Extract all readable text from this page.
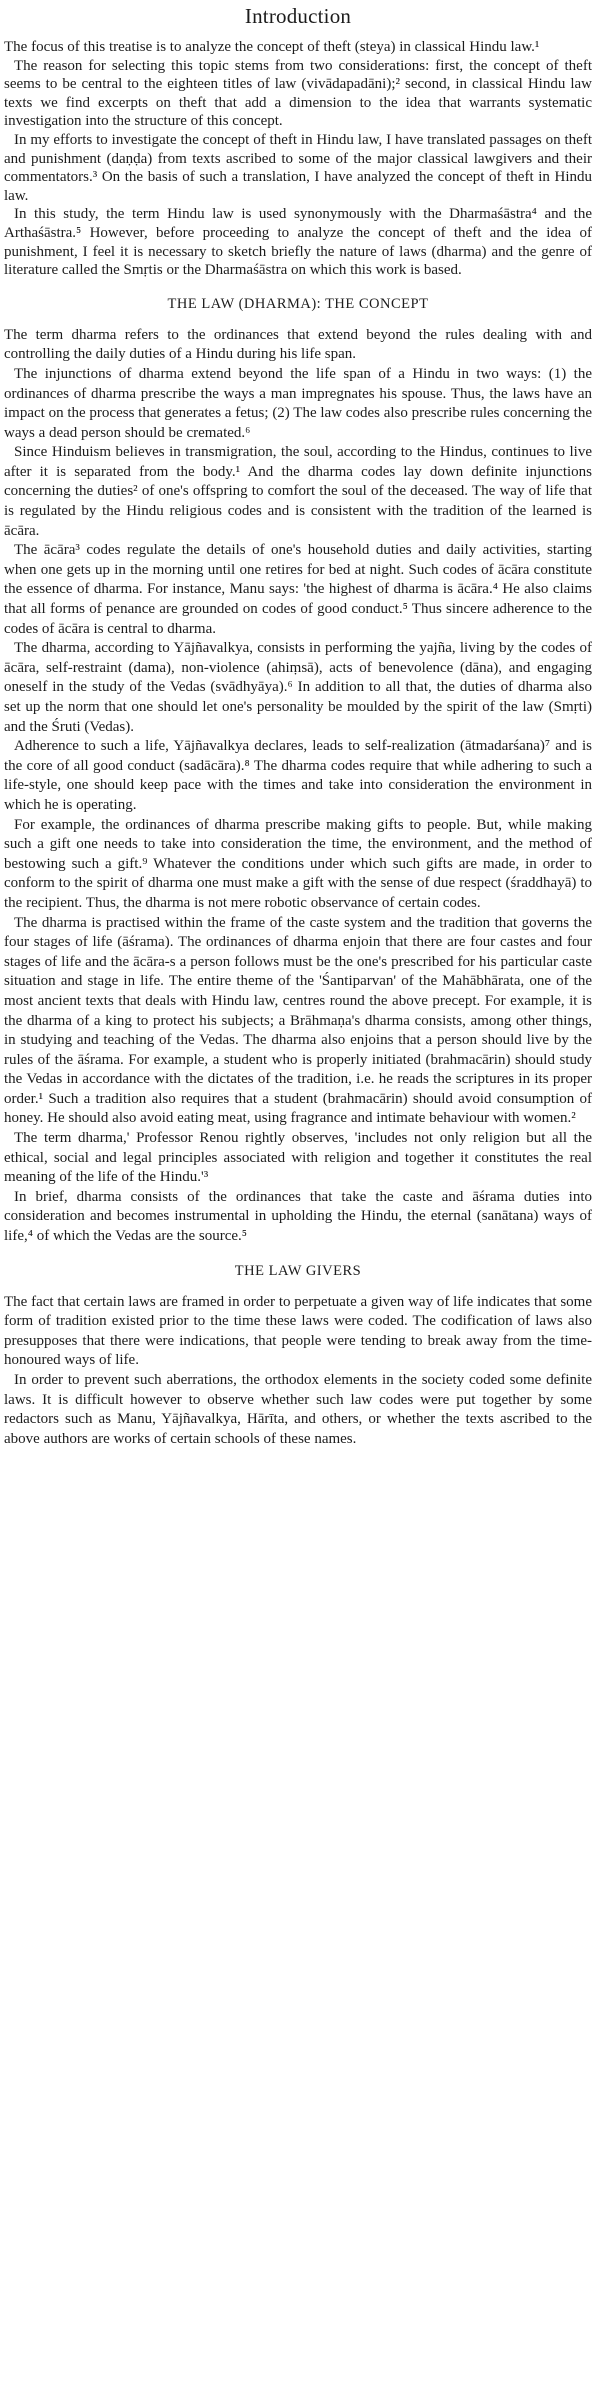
Introduction

The focus of this treatise is to analyze the concept of theft (steya) in classical Hindu law.¹

The reason for selecting this topic stems from two considerations: first, the concept of theft seems to be central to the eighteen titles of law (vivādapadāni);² second, in classical Hindu law texts we find excerpts on theft that add a dimension to the idea that warrants systematic investigation into the structure of this concept.

In my efforts to investigate the concept of theft in Hindu law, I have translated passages on theft and punishment (daṇḍa) from texts ascribed to some of the major classical lawgivers and their commentators.³ On the basis of such a translation, I have analyzed the concept of theft in Hindu law.

In this study, the term Hindu law is used synonymously with the Dharmaśāstra⁴ and the Arthaśāstra.⁵ However, before proceeding to analyze the concept of theft and the idea of punishment, I feel it is necessary to sketch briefly the nature of laws (dharma) and the genre of literature called the Smṛtis or the Dharmaśāstra on which this work is based.

THE LAW (DHARMA): THE CONCEPT

The term dharma refers to the ordinances that extend beyond the rules dealing with and controlling the daily duties of a Hindu during his life span.

The injunctions of dharma extend beyond the life span of a Hindu in two ways: (1) the ordinances of dharma prescribe the ways a man impregnates his spouse. Thus, the laws have an impact on the process that generates a fetus; (2) The law codes also prescribe rules concerning the ways a dead person should be cremated.⁶

Since Hinduism believes in transmigration, the soul, according to the Hindus, continues to live after it is separated from the body.¹ And the dharma codes lay down definite injunctions concerning the duties² of one's offspring to comfort the soul of the deceased. The way of life that is regulated by the Hindu religious codes and is consistent with the tradition of the learned is ācāra.

The ācāra³ codes regulate the details of one's household duties and daily activities, starting when one gets up in the morning until one retires for bed at night. Such codes of ācāra constitute the essence of dharma. For instance, Manu says: 'the highest of dharma is ācāra.⁴ He also claims that all forms of penance are grounded on codes of good conduct.⁵ Thus sincere adherence to the codes of ācāra is central to dharma.

The dharma, according to Yājñavalkya, consists in performing the yajña, living by the codes of ācāra, self-restraint (dama), non-violence (ahiṃsā), acts of benevolence (dāna), and engaging oneself in the study of the Vedas (svādhyāya).⁶ In addition to all that, the duties of dharma also set up the norm that one should let one's personality be moulded by the spirit of the law (Smṛti) and the Śruti (Vedas).

Adherence to such a life, Yājñavalkya declares, leads to self-realization (ātmadarśana)⁷ and is the core of all good conduct (sadācāra).⁸ The dharma codes require that while adhering to such a life-style, one should keep pace with the times and take into consideration the environment in which he is operating.

For example, the ordinances of dharma prescribe making gifts to people. But, while making such a gift one needs to take into consideration the time, the environment, and the method of bestowing such a gift.⁹ Whatever the conditions under which such gifts are made, in order to conform to the spirit of dharma one must make a gift with the sense of due respect (śraddhayā) to the recipient. Thus, the dharma is not mere robotic observance of certain codes.

The dharma is practised within the frame of the caste system and the tradition that governs the four stages of life (āśrama). The ordinances of dharma enjoin that there are four castes and four stages of life and the ācāra-s a person follows must be the one's prescribed for his particular caste situation and stage in life. The entire theme of the 'Śantiparvan' of the Mahābhārata, one of the most ancient texts that deals with Hindu law, centres round the above precept. For example, it is the dharma of a king to protect his subjects; a Brāhmaṇa's dharma consists, among other things, in studying and teaching of the Vedas. The dharma also enjoins that a person should live by the rules of the āśrama. For example, a student who is properly initiated (brahmacārin) should study the Vedas in accordance with the dictates of the tradition, i.e. he reads the scriptures in its proper order.¹ Such a tradition also requires that a student (brahmacārin) should avoid consumption of honey. He should also avoid eating meat, using fragrance and intimate behaviour with women.²

The term dharma,' Professor Renou rightly observes, 'includes not only religion but all the ethical, social and legal principles associated with religion and together it constitutes the real meaning of the life of the Hindu.'³

In brief, dharma consists of the ordinances that take the caste and āśrama duties into consideration and becomes instrumental in upholding the Hindu, the eternal (sanātana) ways of life,⁴ of which the Vedas are the source.⁵

THE LAW GIVERS

The fact that certain laws are framed in order to perpetuate a given way of life indicates that some form of tradition existed prior to the time these laws were coded. The codification of laws also presupposes that there were indications, that people were tending to break away from the time-honoured ways of life.

In order to prevent such aberrations, the orthodox elements in the society coded some definite laws. It is difficult however to observe whether such law codes were put together by some redactors such as Manu, Yājñavalkya, Hārīta, and others, or whether the texts ascribed to the above authors are works of certain schools of these names.
